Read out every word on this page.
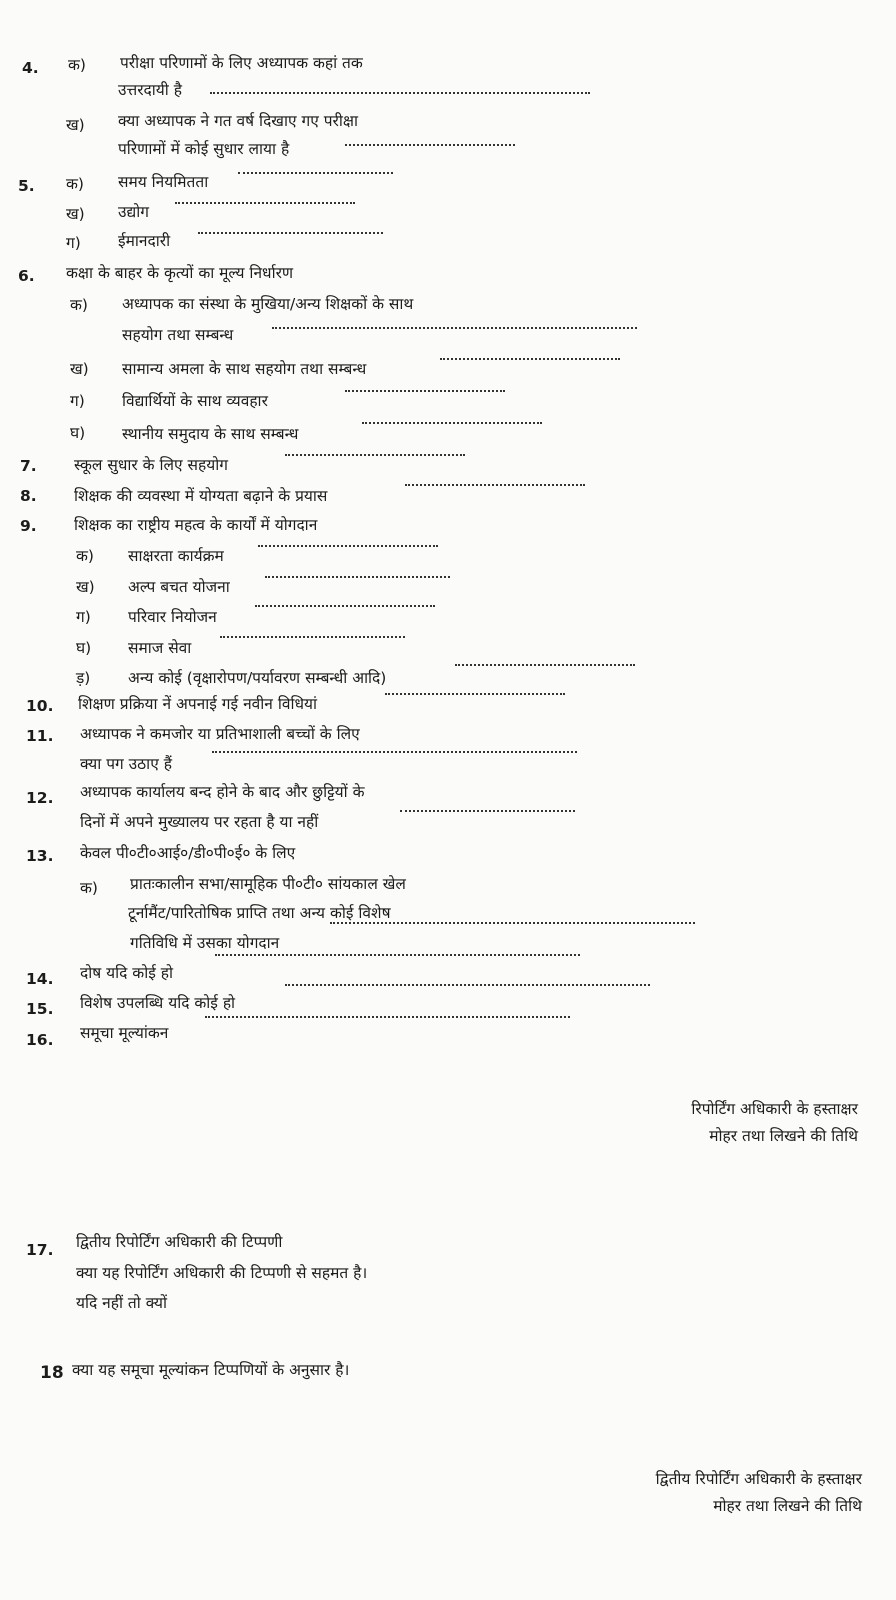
4. क) परीक्षा परिणामों के लिए अध्यापक कहां तक
उत्तरदायी है
ख) क्या अध्यापक ने गत वर्ष दिखाए गए परीक्षा
परिणामों में कोई सुधार लाया है
5. क) समय नियमितता
ख) उद्योग
ग) ईमानदारी
6. कक्षा के बाहर के कृत्यों का मूल्य निर्धारण
क) अध्यापक का संस्था के मुखिया/अन्य शिक्षकों के साथ
सहयोग तथा सम्बन्ध
ख) सामान्य अमला के साथ सहयोग तथा सम्बन्ध
ग) विद्यार्थियों के साथ व्यवहार
घ) स्थानीय समुदाय के साथ सम्बन्ध
7. स्कूल सुधार के लिए सहयोग
8. शिक्षक की व्यवस्था में योग्यता बढ़ाने के प्रयास
9. शिक्षक का राष्ट्रीय महत्व के कार्यों में योगदान
क) साक्षरता कार्यक्रम
ख) अल्प बचत योजना
ग) परिवार नियोजन
घ) समाज सेवा
ड़) अन्य कोई (वृक्षारोपण/पर्यावरण सम्बन्धी आदि)
10. शिक्षण प्रक्रिया नें अपनाई गई नवीन विधियां
11. अध्यापक ने कमजोर या प्रतिभाशाली बच्चों के लिए
क्या पग उठाए हैं
12. अध्यापक कार्यालय बन्द होने के बाद और छुट्टियों के
दिनों में अपने मुख्यालय पर रहता है या नहीं
13. केवल पी०टी०आई०/डी०पी०ई० के लिए
क) प्रातःकालीन सभा/सामूहिक पी०टी० सांयकाल खेल
टूर्नामैंट/पारितोषिक प्राप्ति तथा अन्य कोई विशेष
गतिविधि में उसका योगदान
14. दोष यदि कोई हो
15. विशेष उपलब्धि यदि कोई हो
16. समूचा मूल्यांकन
रिपोर्टिंग अधिकारी के हस्ताक्षर
मोहर तथा लिखने की तिथि
17. द्वितीय रिपोर्टिंग अधिकारी की टिप्पणी
क्या यह रिपोर्टिंग अधिकारी की टिप्पणी से सहमत है।
यदि नहीं तो क्यों
18 क्या यह समूचा मूल्यांकन टिप्पणियों के अनुसार है।
द्वितीय रिपोर्टिंग अधिकारी के हस्ताक्षर
मोहर तथा लिखने की तिथि
